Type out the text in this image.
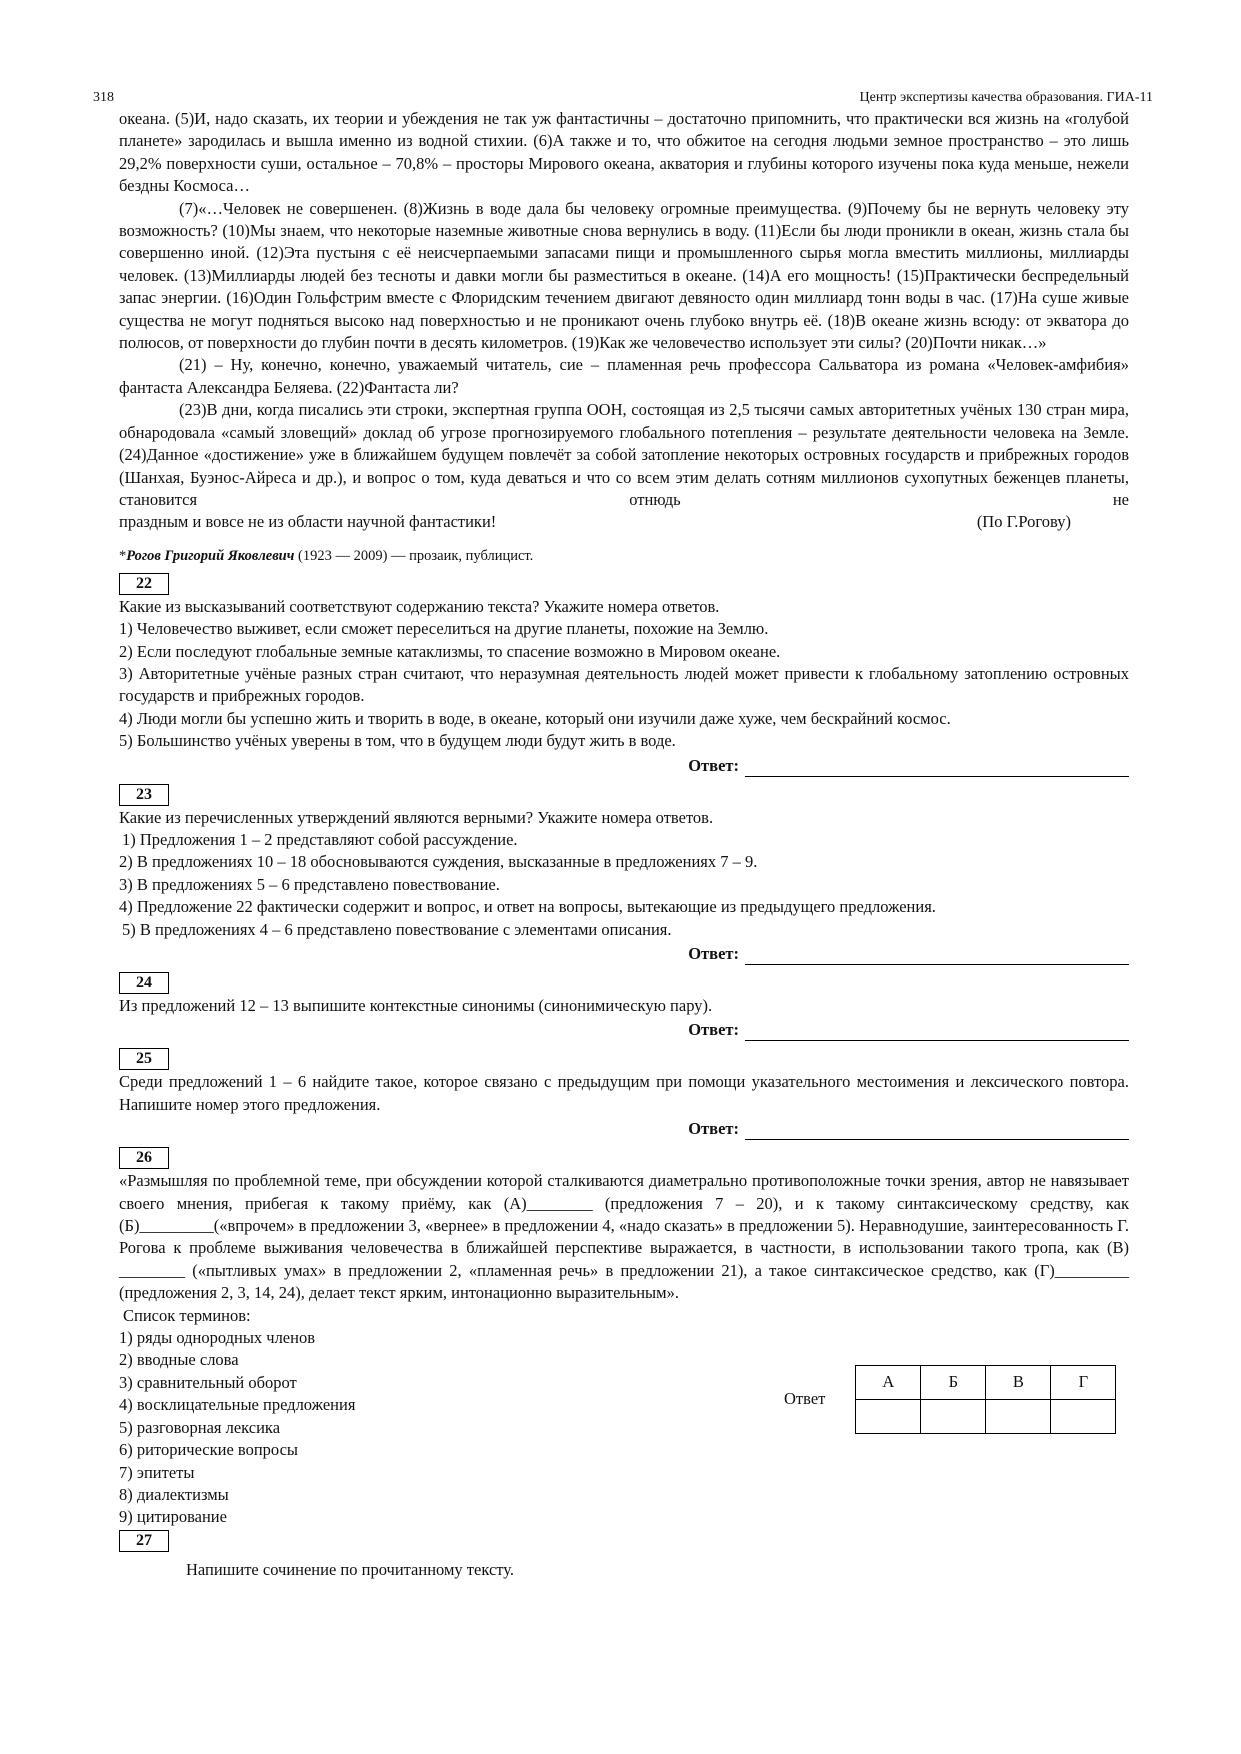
318	Центр экспертизы качества образования. ГИА-11

океана. (5)И, надо сказать, их теории и убеждения не так уж фантастичны – достаточно припомнить, что практически вся жизнь на «голубой планете» зародилась и вышла именно из водной стихии. (6)А также и то, что обжитое на сегодня людьми земное пространство – это лишь 29,2% поверхности суши, остальное – 70,8% – просторы Мирового океана, акватория и глубины которого изучены пока куда меньше, нежели бездны Космоса…

(7)«…Человек не совершенен. (8)Жизнь в воде дала бы человеку огромные преимущества. (9)Почему бы не вернуть человеку эту возможность? (10)Мы знаем, что некоторые наземные животные снова вернулись в воду. (11)Если бы люди проникли в океан, жизнь стала бы совершенно иной. (12)Эта пустыня с её неисчерпаемыми запасами пищи и промышленного сырья могла вместить миллионы, миллиарды человек. (13)Миллиарды людей без тесноты и давки могли бы разместиться в океане. (14)А его мощность! (15)Практически беспредельный запас энергии. (16)Один Гольфстрим вместе с Флоридским течением двигают девяносто один миллиард тонн воды в час. (17)На суше живые существа не могут подняться высоко над поверхностью и не проникают очень глубоко внутрь её. (18)В океане жизнь всюду: от экватора до полюсов, от поверхности до глубин почти в десять километров. (19)Как же человечество использует эти силы? (20)Почти никак…»

(21) – Ну, конечно, конечно, уважаемый читатель, сие – пламенная речь профессора Сальватора из романа «Человек-амфибия» фантаста Александра Беляева. (22)Фантаста ли?

(23)В дни, когда писались эти строки, экспертная группа ООН, состоящая из 2,5 тысячи самых авторитетных учёных 130 стран мира, обнародовала «самый зловещий» доклад об угрозе прогнозируемого глобального потепления – результате деятельности человека на Земле. (24)Данное «достижение» уже в ближайшем будущем повлечёт за собой затопление некоторых островных государств и прибрежных городов (Шанхая, Буэнос-Айреса и др.), и вопрос о том, куда деваться и что со всем этим делать сотням миллионов сухопутных беженцев планеты, становится отнюдь не

праздным и вовсе не из области научной фантастики!	(По Г.Рогову)
*Рогов Григорий Яковлевич (1923 — 2009) — прозаик, публицист.
22

Какие из высказываний соответствуют содержанию текста? Укажите номера ответов.

1) Человечество выживет, если сможет переселиться на другие планеты, похожие на Землю.

2) Если последуют глобальные земные катаклизмы, то спасение возможно в Мировом океане.

3) Авторитетные учёные разных стран считают, что неразумная деятельность людей может привести к глобальному затоплению островных государств и прибрежных городов.

4) Люди могли бы успешно жить и творить в воде, в океане, который они изучили даже хуже, чем бескрайний космос.

5) Большинство учёных уверены в том, что в будущем люди будут жить в воде.

Ответ:
23

Какие из перечисленных утверждений являются верными? Укажите номера ответов.

1) Предложения 1 – 2 представляют собой рассуждение.

2) В предложениях 10 – 18 обосновываются суждения, высказанные в предложениях 7 – 9.

3) В предложениях 5 – 6 представлено повествование.

4) Предложение 22 фактически содержит и вопрос, и ответ на вопросы, вытекающие из предыдущего предложения.

5) В предложениях 4 – 6 представлено повествование с элементами описания.

Ответ:
24

Из предложений 12 – 13 выпишите контекстные синонимы (синонимическую пару).

Ответ:
25

Среди предложений 1 – 6 найдите такое, которое связано с предыдущим при помощи указательного местоимения и лексического повтора. Напишите номер этого предложения.

Ответ:
26

«Размышляя по проблемной теме, при обсуждении которой сталкиваются диаметрально противоположные точки зрения, автор не навязывает своего мнения, прибегая к такому приёму, как (А)________ (предложения 7 – 20), и к такому синтаксическому средству, как (Б)_________(«впрочем» в предложении 3, «вернее» в предложении 4, «надо сказать» в предложении 5). Неравнодушие, заинтересованность Г. Рогова к проблеме выживания человечества в ближайшей перспективе выражается, в частности, в использовании такого тропа, как (В) ________ («пытливых умах» в предложении 2, «пламенная речь» в предложении 21), а такое синтаксическое средство, как (Г)_________ (предложения 2, 3, 14, 24), делает текст ярким, интонационно выразительным».

Список терминов:

1) ряды однородных членов

2) вводные слова

3) сравнительный оборот

4) восклицательные предложения

5) разговорная лексика

6) риторические вопросы

7) эпитеты

8) диалектизмы

9) цитирование

Ответ
А	Б	В	Г

27

Напишите сочинение по прочитанному тексту.
